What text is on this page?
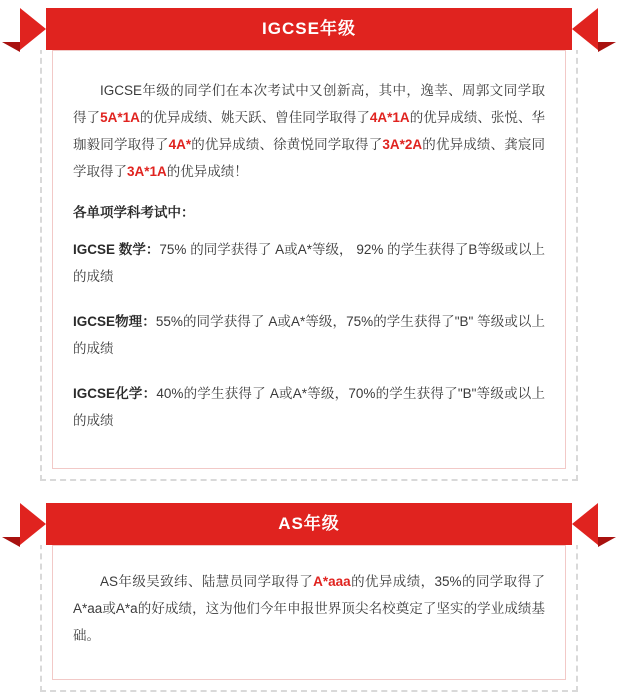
IGCSE年级

IGCSE年级的同学们在本次考试中又创新高，其中，逸莘、周郭文同学取得了5A*1A的优异成绩、姚天跃、曾佳同学取得了4A*1A的优异成绩、张悦、华珈毅同学取得了4A*的优异成绩、徐黄悦同学取得了3A*2A的优异成绩、龚宸同学取得了3A*1A的优异成绩！

各单项学科考试中：

IGCSE 数学：75% 的同学获得了 A或A*等级， 92% 的学生获得了B等级或以上的成绩

IGCSE物理：55%的同学获得了 A或A*等级，75%的学生获得了"B" 等级或以上的成绩

IGCSE化学：40%的学生获得了 A或A*等级，70%的学生获得了"B"等级或以上的成绩

AS年级

AS年级吴致纬、陆慧员同学取得了A*aaa的优异成绩，35%的同学取得了A*aa或A*a的好成绩，这为他们今年申报世界顶尖名校奠定了坚实的学业成绩基础。
